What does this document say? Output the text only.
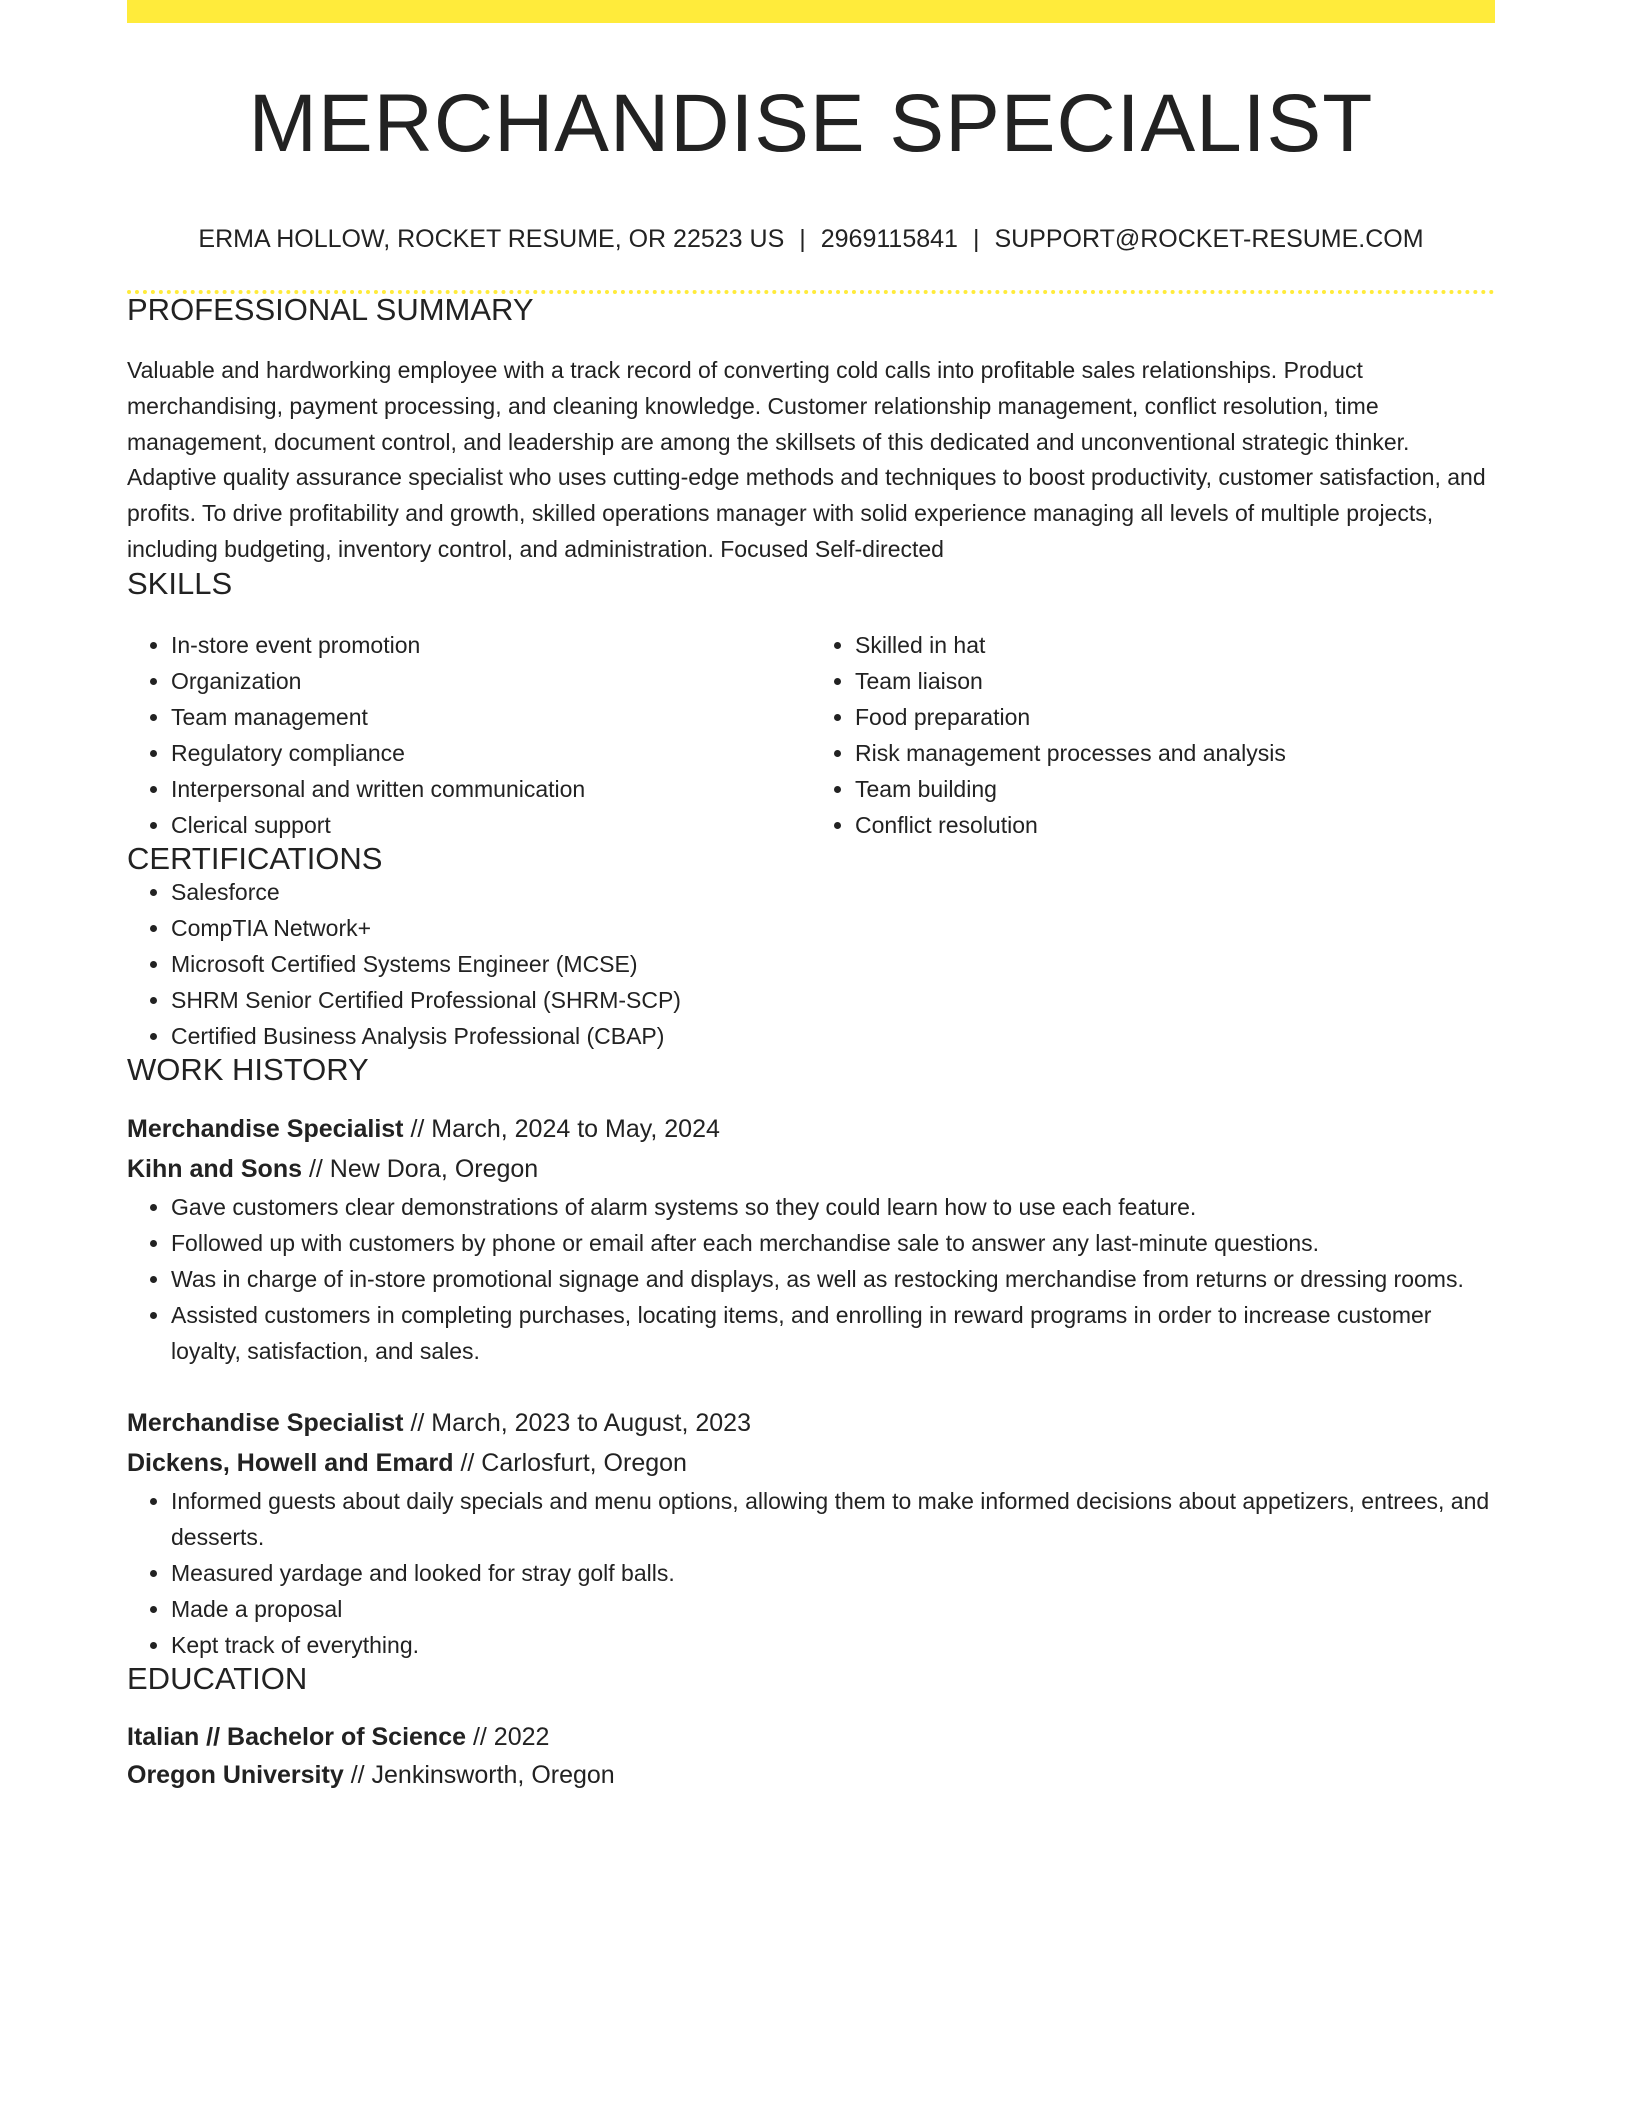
MERCHANDISE SPECIALIST
ERMA HOLLOW, ROCKET RESUME, OR 22523 US | 2969115841 | SUPPORT@ROCKET-RESUME.COM
PROFESSIONAL SUMMARY

Valuable and hardworking employee with a track record of converting cold calls into profitable sales relationships. Product merchandising, payment processing, and cleaning knowledge. Customer relationship management, conflict resolution, time management, document control, and leadership are among the skillsets of this dedicated and unconventional strategic thinker. Adaptive quality assurance specialist who uses cutting-edge methods and techniques to boost productivity, customer satisfaction, and profits. To drive profitability and growth, skilled operations manager with solid experience managing all levels of multiple projects, including budgeting, inventory control, and administration. Focused Self-directed

SKILLS
• In-store event promotion
• Organization
• Team management
• Regulatory compliance
• Interpersonal and written communication
• Clerical support
• Skilled in hat
• Team liaison
• Food preparation
• Risk management processes and analysis
• Team building
• Conflict resolution
CERTIFICATIONS
• Salesforce
• CompTIA Network+
• Microsoft Certified Systems Engineer (MCSE)
• SHRM Senior Certified Professional (SHRM-SCP)
• Certified Business Analysis Professional (CBAP)
WORK HISTORY
Merchandise Specialist // March, 2024 to May, 2024
Kihn and Sons // New Dora, Oregon
• Gave customers clear demonstrations of alarm systems so they could learn how to use each feature.
• Followed up with customers by phone or email after each merchandise sale to answer any last-minute questions.
• Was in charge of in-store promotional signage and displays, as well as restocking merchandise from returns or dressing rooms.
• Assisted customers in completing purchases, locating items, and enrolling in reward programs in order to increase customer loyalty, satisfaction, and sales.
Merchandise Specialist // March, 2023 to August, 2023
Dickens, Howell and Emard // Carlosfurt, Oregon
• Informed guests about daily specials and menu options, allowing them to make informed decisions about appetizers, entrees, and desserts.
• Measured yardage and looked for stray golf balls.
• Made a proposal
• Kept track of everything.
EDUCATION
Italian // Bachelor of Science // 2022
Oregon University // Jenkinsworth, Oregon
